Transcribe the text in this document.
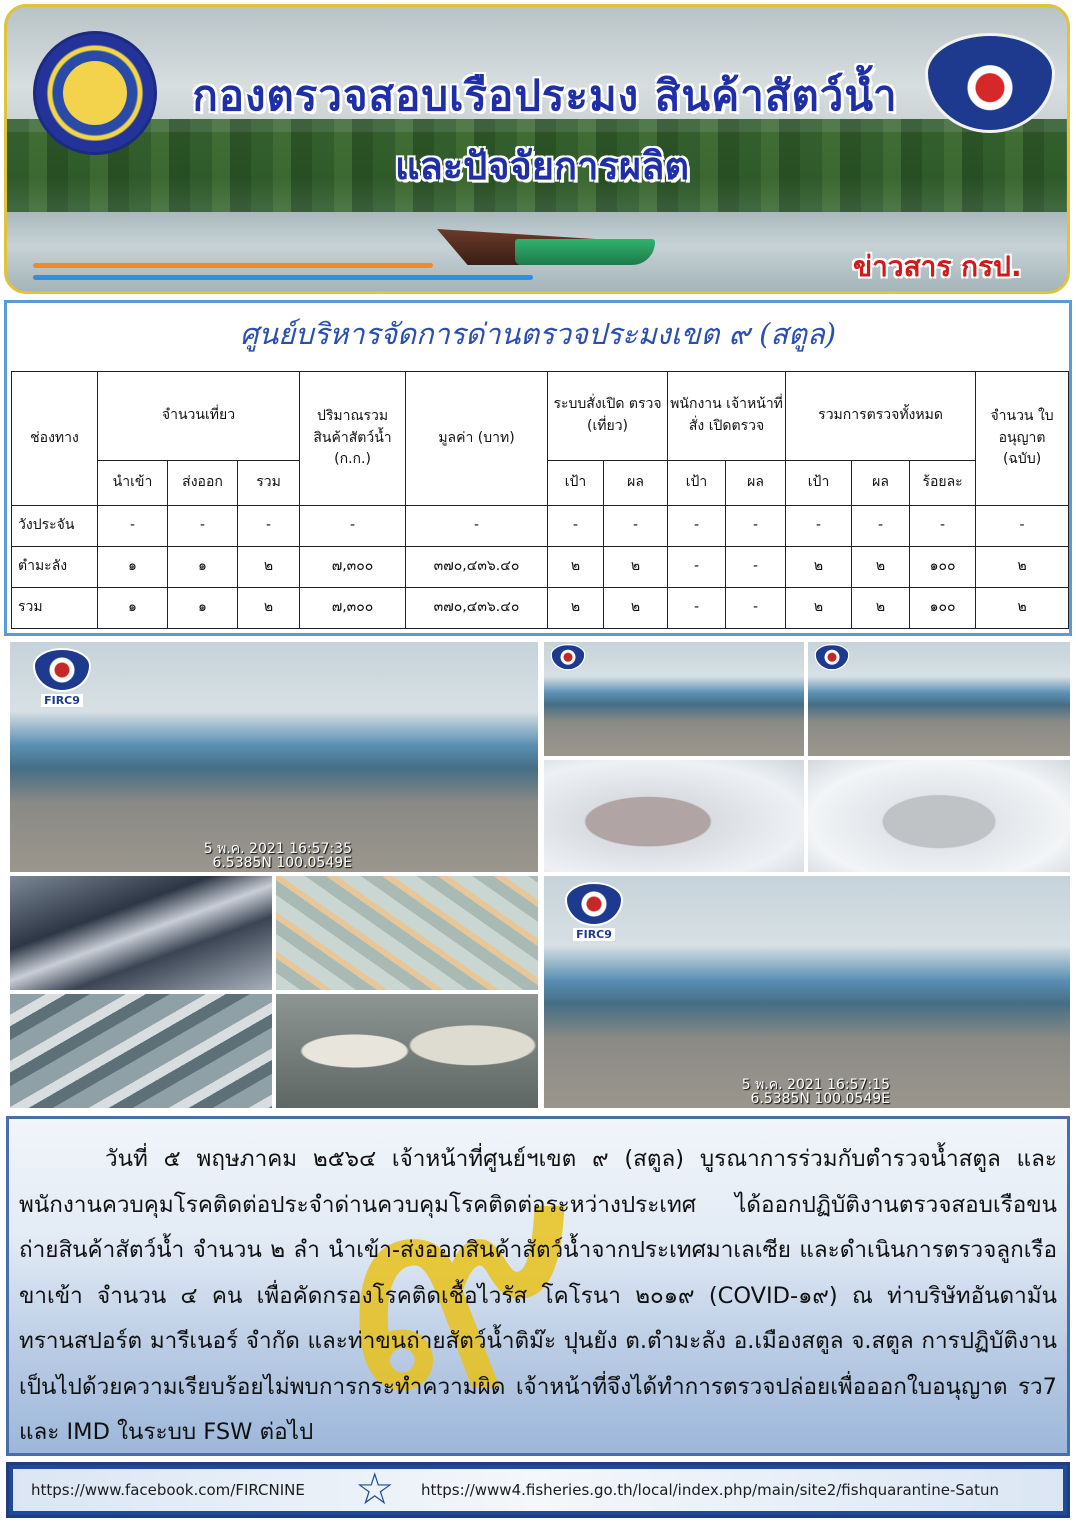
กองตรวจสอบเรือประมง สินค้าสัตว์น้ำ
และปัจจัยการผลิต
ข่าวสาร กรป.
ศูนย์บริหารจัดการด่านตรวจประมงเขต ๙ (สตูล)
ช่องทาง	จำนวนเที่ยว			ปริมาณรวม สินค้าสัตว์น้ำ (ก.ก.)	มูลค่า (บาท)	ระบบสั่งเปิด ตรวจ (เที่ยว)		พนักงาน เจ้าหน้าที่สั่ง เปิดตรวจ		รวมการตรวจทั้งหมด			จำนวน ใบอนุญาต (ฉบับ)
	นำเข้า	ส่งออก	รวม			เป้า	ผล	เป้า	ผล	เป้า	ผล	ร้อยละ	
วังประจัน	-	-	-	-	-	-	-	-	-	-	-	-	-
ตำมะลัง	๑	๑	๒	๗,๓๐๐	๓๗๐,๔๓๖.๔๐	๒	๒	-	-	๒	๒	๑๐๐	๒
รวม	๑	๑	๒	๗,๓๐๐	๓๗๐,๔๓๖.๔๐	๒	๒	-	-	๒	๒	๑๐๐	๒
FIRC9
5 พ.ค. 2021 16:57:35
6.5385N 100.0549E
FIRC9
5 พ.ค. 2021 16:57:15
6.5385N 100.0549E
๙

วันที่ ๕ พฤษภาคม ๒๕๖๔ เจ้าหน้าที่ศูนย์ฯเขต ๙ (สตูล) บูรณาการร่วมกับตำรวจน้ำสตูล และพนักงานควบคุมโรคติดต่อประจำด่านควบคุมโรคติดต่อระหว่างประเทศ ได้ออกปฏิบัติงานตรวจสอบเรือขนถ่ายสินค้าสัตว์น้ำ จำนวน ๒ ลำ นำเข้า-ส่งออกสินค้าสัตว์น้ำจากประเทศมาเลเซีย และดำเนินการตรวจลูกเรือขาเข้า จำนวน ๔ คน เพื่อคัดกรองโรคติดเชื้อไวรัส โคโรนา ๒๐๑๙ (COVID-๑๙) ณ ท่าบริษัทอันดามัน ทรานสปอร์ต มารีเนอร์ จำกัด และท่าขนถ่ายสัตว์น้ำติม๊ะ ปุนยัง ต.ตำมะลัง อ.เมืองสตูล จ.สตูล การปฏิบัติงานเป็นไปด้วยความเรียบร้อยไม่พบการกระทำความผิด เจ้าหน้าที่จึงได้ทำการตรวจปล่อยเพื่อออกใบอนุญาต รว7 และ IMD ในระบบ FSW ต่อไป

https://www.facebook.com/FIRCNINE ☆ https://www4.fisheries.go.th/local/index.php/main/site2/fishquarantine-Satun
